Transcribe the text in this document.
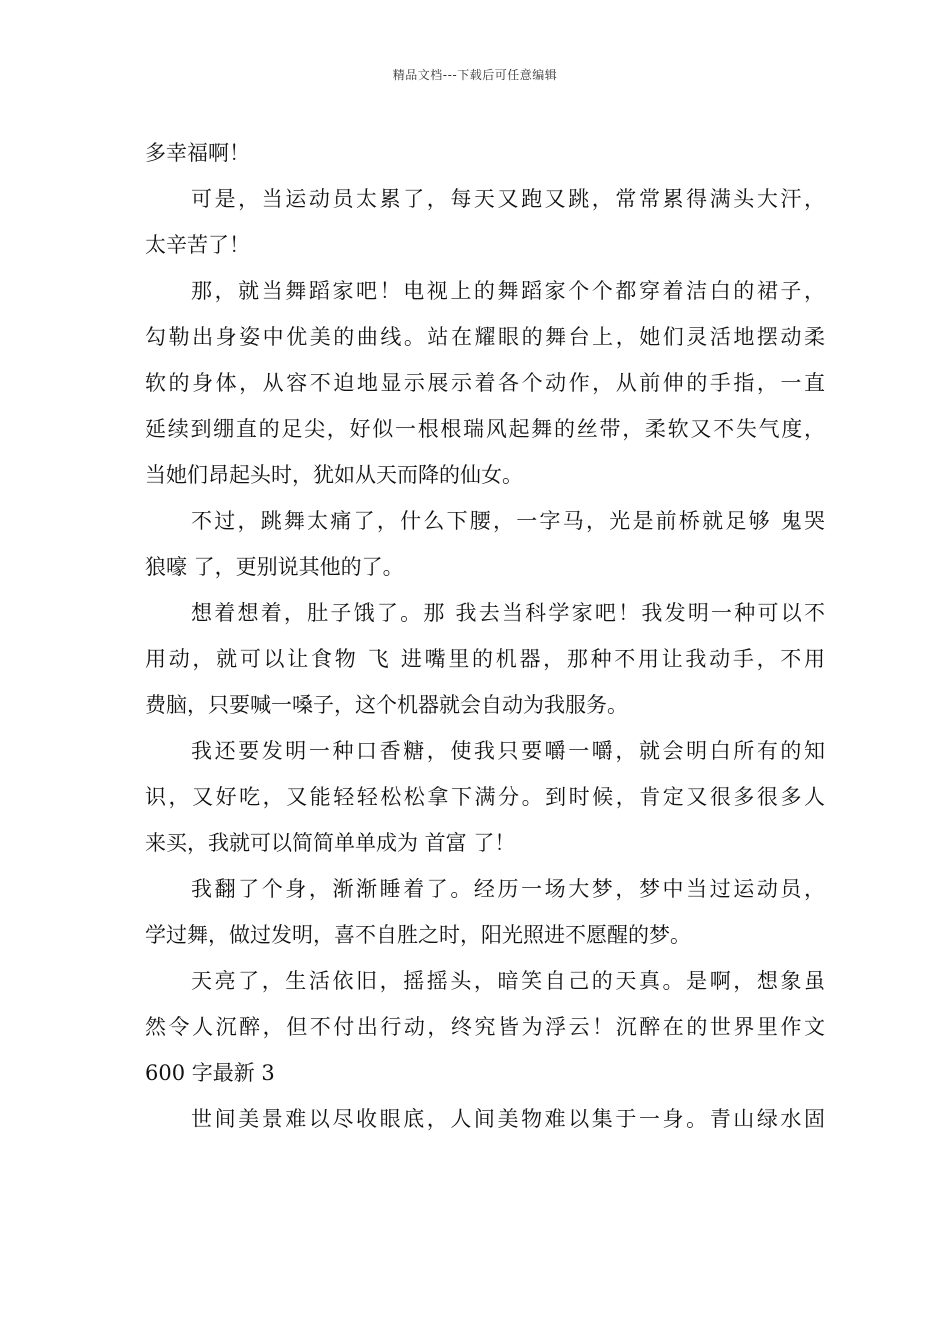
精品文档---下载后可任意编辑
多幸福啊！
可是，当运动员太累了，每天又跑又跳，常常累得满头大汗，
太辛苦了！
那，就当舞蹈家吧！电视上的舞蹈家个个都穿着洁白的裙子，
勾勒出身姿中优美的曲线。站在耀眼的舞台上，她们灵活地摆动柔
软的身体，从容不迫地显示展示着各个动作，从前伸的手指，一直
延续到绷直的足尖，好似一根根瑞风起舞的丝带，柔软又不失气度，
当她们昂起头时，犹如从天而降的仙女。
不过，跳舞太痛了，什么下腰，一字马，光是前桥就足够 鬼哭
狼嚎 了，更别说其他的了。
想着想着，肚子饿了。那 我去当科学家吧！我发明一种可以不
用动，就可以让食物 飞 进嘴里的机器，那种不用让我动手，不用
费脑，只要喊一嗓子，这个机器就会自动为我服务。
我还要发明一种口香糖，使我只要嚼一嚼，就会明白所有的知
识，又好吃，又能轻轻松松拿下满分。到时候，肯定又很多很多人
来买，我就可以简简单单成为 首富 了！
我翻了个身，渐渐睡着了。经历一场大梦，梦中当过运动员，
学过舞，做过发明，喜不自胜之时，阳光照进不愿醒的梦。
天亮了，生活依旧，摇摇头，暗笑自己的天真。是啊，想象虽
然令人沉醉，但不付出行动，终究皆为浮云！沉醉在的世界里作文
600 字最新 3
世间美景难以尽收眼底，人间美物难以集于一身。青山绿水固
